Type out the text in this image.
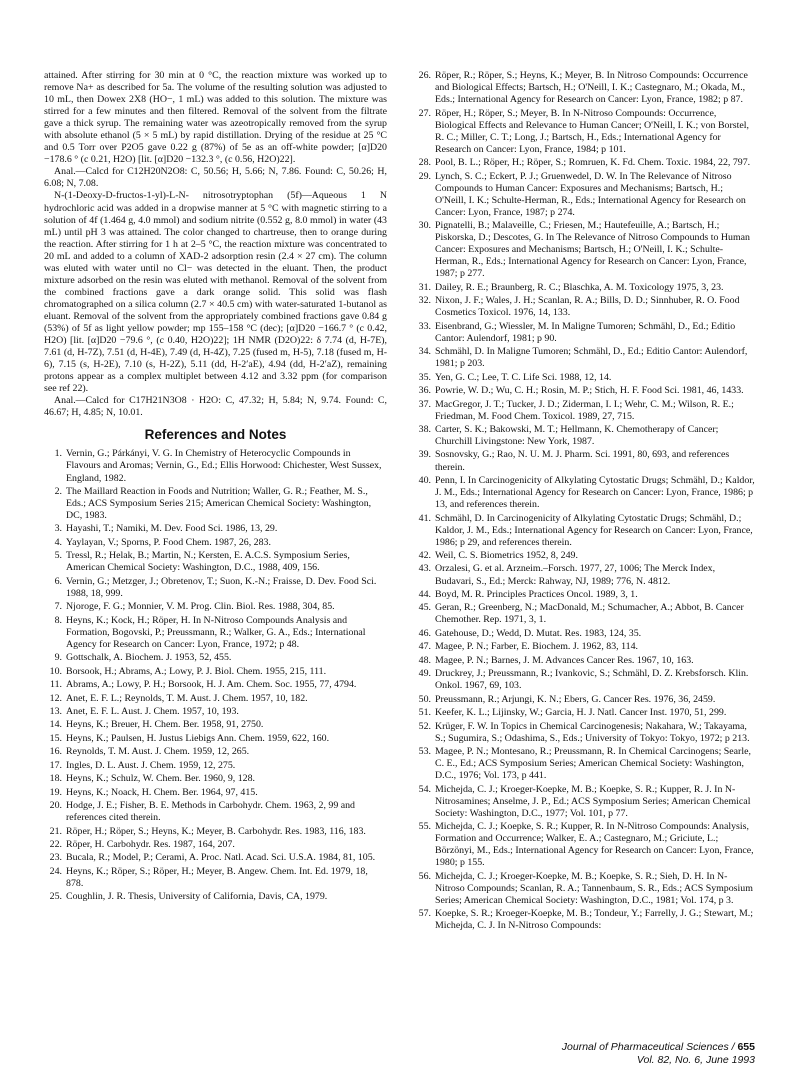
attained. After stirring for 30 min at 0 °C, the reaction mixture was worked up to remove Na+ as described for 5a. The volume of the resulting solution was adjusted to 10 mL, then Dowex 2X8 (HO−, 1 mL) was added to this solution. The mixture was stirred for a few minutes and then filtered. Removal of the solvent from the filtrate gave a thick syrup. The remaining water was azeotropically removed from the syrup with absolute ethanol (5 × 5 mL) by rapid distillation. Drying of the residue at 25 °C and 0.5 Torr over P2O5 gave 0.22 g (87%) of 5e as an off-white powder; [α]D20 −178.6 ° (c 0.21, H2O) [lit. [α]D20 −132.3 °, (c 0.56, H2O)22].

Anal.—Calcd for C12H20N2O8: C, 50.56; H, 5.66; N, 7.86. Found: C, 50.26; H, 6.08; N, 7.08.

N-(1-Deoxy-D-fructos-1-yl)-L-N- nitrosotryptophan (5f)—Aqueous 1 N hydrochloric acid was added in a dropwise manner at 5 °C with magnetic stirring to a solution of 4f (1.464 g, 4.0 mmol) and sodium nitrite (0.552 g, 8.0 mmol) in water (43 mL) until pH 3 was attained. The color changed to chartreuse, then to orange during the reaction. After stirring for 1 h at 2–5 °C, the reaction mixture was concentrated to 20 mL and added to a column of XAD-2 adsorption resin (2.4 × 27 cm). The column was eluted with water until no Cl− was detected in the eluant. Then, the product mixture adsorbed on the resin was eluted with methanol. Removal of the solvent from the combined fractions gave a dark orange solid. This solid was flash chromatographed on a silica column (2.7 × 40.5 cm) with water-saturated 1-butanol as eluant. Removal of the solvent from the appropriately combined fractions gave 0.84 g (53%) of 5f as light yellow powder; mp 155–158 °C (dec); [α]D20 −166.7 ° (c 0.42, H2O) [lit. [α]D20 −79.6 °, (c 0.40, H2O)22]; 1H NMR (D2O)22: δ 7.74 (d, H-7E), 7.61 (d, H-7Z), 7.51 (d, H-4E), 7.49 (d, H-4Z), 7.25 (fused m, H-5), 7.18 (fused m, H-6), 7.15 (s, H-2E), 7.10 (s, H-2Z), 5.11 (dd, H-2′aE), 4.94 (dd, H-2′aZ), remaining protons appear as a complex multiplet between 4.12 and 3.32 ppm (for comparison see ref 22).

Anal.—Calcd for C17H21N3O8 · H2O: C, 47.32; H, 5.84; N, 9.74. Found: C, 46.67; H, 4.85; N, 10.01.

References and Notes
1. Vernin, G.; Párkányi, V. G. In Chemistry of Heterocyclic Compounds in Flavours and Aromas; Vernin, G., Ed.; Ellis Horwood: Chichester, West Sussex, England, 1982.
2. The Maillard Reaction in Foods and Nutrition; Waller, G. R.; Feather, M. S., Eds.; ACS Symposium Series 215; American Chemical Society: Washington, DC, 1983.
3. Hayashi, T.; Namiki, M. Dev. Food Sci. 1986, 13, 29.
4. Yaylayan, V.; Sporns, P. Food Chem. 1987, 26, 283.
5. Tressl, R.; Helak, B.; Martin, N.; Kersten, E. A.C.S. Symposium Series, American Chemical Society: Washington, D.C., 1988, 409, 156.
6. Vernin, G.; Metzger, J.; Obretenov, T.; Suon, K.-N.; Fraisse, D. Dev. Food Sci. 1988, 18, 999.
7. Njoroge, F. G.; Monnier, V. M. Prog. Clin. Biol. Res. 1988, 304, 85.
8. Heyns, K.; Kock, H.; Röper, H. In N-Nitroso Compounds Analysis and Formation, Bogovski, P.; Preussmann, R.; Walker, G. A., Eds.; International Agency for Research on Cancer: Lyon, France, 1972; p 48.
9. Gottschalk, A. Biochem. J. 1953, 52, 455.
10. Borsook, H.; Abrams, A.; Lowy, P. J. Biol. Chem. 1955, 215, 111.
11. Abrams, A.; Lowy, P. H.; Borsook, H. J. Am. Chem. Soc. 1955, 77, 4794.
12. Anet, E. F. L.; Reynolds, T. M. Aust. J. Chem. 1957, 10, 182.
13. Anet, E. F. L. Aust. J. Chem. 1957, 10, 193.
14. Heyns, K.; Breuer, H. Chem. Ber. 1958, 91, 2750.
15. Heyns, K.; Paulsen, H. Justus Liebigs Ann. Chem. 1959, 622, 160.
16. Reynolds, T. M. Aust. J. Chem. 1959, 12, 265.
17. Ingles, D. L. Aust. J. Chem. 1959, 12, 275.
18. Heyns, K.; Schulz, W. Chem. Ber. 1960, 9, 128.
19. Heyns, K.; Noack, H. Chem. Ber. 1964, 97, 415.
20. Hodge, J. E.; Fisher, B. E. Methods in Carbohydr. Chem. 1963, 2, 99 and references cited therein.
21. Röper, H.; Röper, S.; Heyns, K.; Meyer, B. Carbohydr. Res. 1983, 116, 183.
22. Röper, H. Carbohydr. Res. 1987, 164, 207.
23. Bucala, R.; Model, P.; Cerami, A. Proc. Natl. Acad. Sci. U.S.A. 1984, 81, 105.
24. Heyns, K.; Röper, S.; Röper, H.; Meyer, B. Angew. Chem. Int. Ed. 1979, 18, 878.
25. Coughlin, J. R. Thesis, University of California, Davis, CA, 1979.
26. Röper, R.; Röper, S.; Heyns, K.; Meyer, B. In Nitroso Compounds: Occurrence and Biological Effects; Bartsch, H.; O'Neill, I. K.; Castegnaro, M.; Okada, M., Eds.; International Agency for Research on Cancer: Lyon, France, 1982; p 87.
27. Röper, H.; Röper, S.; Meyer, B. In N-Nitroso Compounds: Occurrence, Biological Effects and Relevance to Human Cancer; O'Neill, I. K.; von Borstel, R. C.; Miller, C. T.; Long, J.; Bartsch, H., Eds.; International Agency for Research on Cancer: Lyon, France, 1984; p 101.
28. Pool, B. L.; Röper, H.; Röper, S.; Romruen, K. Fd. Chem. Toxic. 1984, 22, 797.
29. Lynch, S. C.; Eckert, P. J.; Gruenwedel, D. W. In The Relevance of Nitroso Compounds to Human Cancer: Exposures and Mechanisms; Bartsch, H.; O'Neill, I. K.; Schulte-Herman, R., Eds.; International Agency for Research on Cancer: Lyon, France, 1987; p 274.
30. Pignatelli, B.; Malaveille, C.; Friesen, M.; Hautefeuille, A.; Bartsch, H.; Piskorska, D.; Descotes, G. In The Relevance of Nitroso Compounds to Human Cancer: Exposures and Mechanisms; Bartsch, H.; O'Neill, I. K.; Schulte-Herman, R., Eds.; International Agency for Research on Cancer: Lyon, France, 1987; p 277.
31. Dailey, R. E.; Braunberg, R. C.; Blaschka, A. M. Toxicology 1975, 3, 23.
32. Nixon, J. F.; Wales, J. H.; Scanlan, R. A.; Bills, D. D.; Sinnhuber, R. O. Food Cosmetics Toxicol. 1976, 14, 133.
33. Eisenbrand, G.; Wiessler, M. In Maligne Tumoren; Schmähl, D., Ed.; Editio Cantor: Aulendorf, 1981; p 90.
34. Schmähl, D. In Maligne Tumoren; Schmähl, D., Ed.; Editio Cantor: Aulendorf, 1981; p 203.
35. Yen, G. C.; Lee, T. C. Life Sci. 1988, 12, 14.
36. Powrie, W. D.; Wu, C. H.; Rosin, M. P.; Stich, H. F. Food Sci. 1981, 46, 1433.
37. MacGregor, J. T.; Tucker, J. D.; Ziderman, I. I.; Wehr, C. M.; Wilson, R. E.; Friedman, M. Food Chem. Toxicol. 1989, 27, 715.
38. Carter, S. K.; Bakowski, M. T.; Hellmann, K. Chemotherapy of Cancer; Churchill Livingstone: New York, 1987.
39. Sosnovsky, G.; Rao, N. U. M. J. Pharm. Sci. 1991, 80, 693, and references therein.
40. Penn, I. In Carcinogenicity of Alkylating Cytostatic Drugs; Schmähl, D.; Kaldor, J. M., Eds.; International Agency for Research on Cancer: Lyon, France, 1986; p 13, and references therein.
41. Schmähl, D. In Carcinogenicity of Alkylating Cytostatic Drugs; Schmähl, D.; Kaldor, J. M., Eds.; International Agency for Research on Cancer: Lyon, France, 1986; p 29, and references therein.
42. Weil, C. S. Biometrics 1952, 8, 249.
43. Orzalesi, G. et al. Arzneim.–Forsch. 1977, 27, 1006; The Merck Index, Budavari, S., Ed.; Merck: Rahway, NJ, 1989; 776, N. 4812.
44. Boyd, M. R. Principles Practices Oncol. 1989, 3, 1.
45. Geran, R.; Greenberg, N.; MacDonald, M.; Schumacher, A.; Abbot, B. Cancer Chemother. Rep. 1971, 3, 1.
46. Gatehouse, D.; Wedd, D. Mutat. Res. 1983, 124, 35.
47. Magee, P. N.; Farber, E. Biochem. J. 1962, 83, 114.
48. Magee, P. N.; Barnes, J. M. Advances Cancer Res. 1967, 10, 163.
49. Druckrey, J.; Preussmann, R.; Ivankovic, S.; Schmähl, D. Z. Krebsforsch. Klin. Onkol. 1967, 69, 103.
50. Preussmann, R.; Arjungi, K. N.; Ebers, G. Cancer Res. 1976, 36, 2459.
51. Keefer, K. L.; Lijinsky, W.; Garcia, H. J. Natl. Cancer Inst. 1970, 51, 299.
52. Krüger, F. W. In Topics in Chemical Carcinogenesis; Nakahara, W.; Takayama, S.; Sugumira, S.; Odashima, S., Eds.; University of Tokyo: Tokyo, 1972; p 213.
53. Magee, P. N.; Montesano, R.; Preussmann, R. In Chemical Carcinogens; Searle, C. E., Ed.; ACS Symposium Series; American Chemical Society: Washington, D.C., 1976; Vol. 173, p 441.
54. Michejda, C. J.; Kroeger-Koepke, M. B.; Koepke, S. R.; Kupper, R. J. In N-Nitrosamines; Anselme, J. P., Ed.; ACS Symposium Series; American Chemical Society: Washington, D.C., 1977; Vol. 101, p 77.
55. Michejda, C. J.; Koepke, S. R.; Kupper, R. In N-Nitroso Compounds: Analysis, Formation and Occurrence; Walker, E. A.; Castegnaro, M.; Griciute, L.; Börzönyi, M., Eds.; International Agency for Research on Cancer: Lyon, France, 1980; p 155.
56. Michejda, C. J.; Kroeger-Koepke, M. B.; Koepke, S. R.; Sieh, D. H. In N-Nitroso Compounds; Scanlan, R. A.; Tannenbaum, S. R., Eds.; ACS Symposium Series; American Chemical Society: Washington, D.C., 1981; Vol. 174, p 3.
57. Koepke, S. R.; Kroeger-Koepke, M. B.; Tondeur, Y.; Farrelly, J. G.; Stewart, M.; Michejda, C. J. In N-Nitroso Compounds:
Journal of Pharmaceutical Sciences / 655
Vol. 82, No. 6, June 1993
